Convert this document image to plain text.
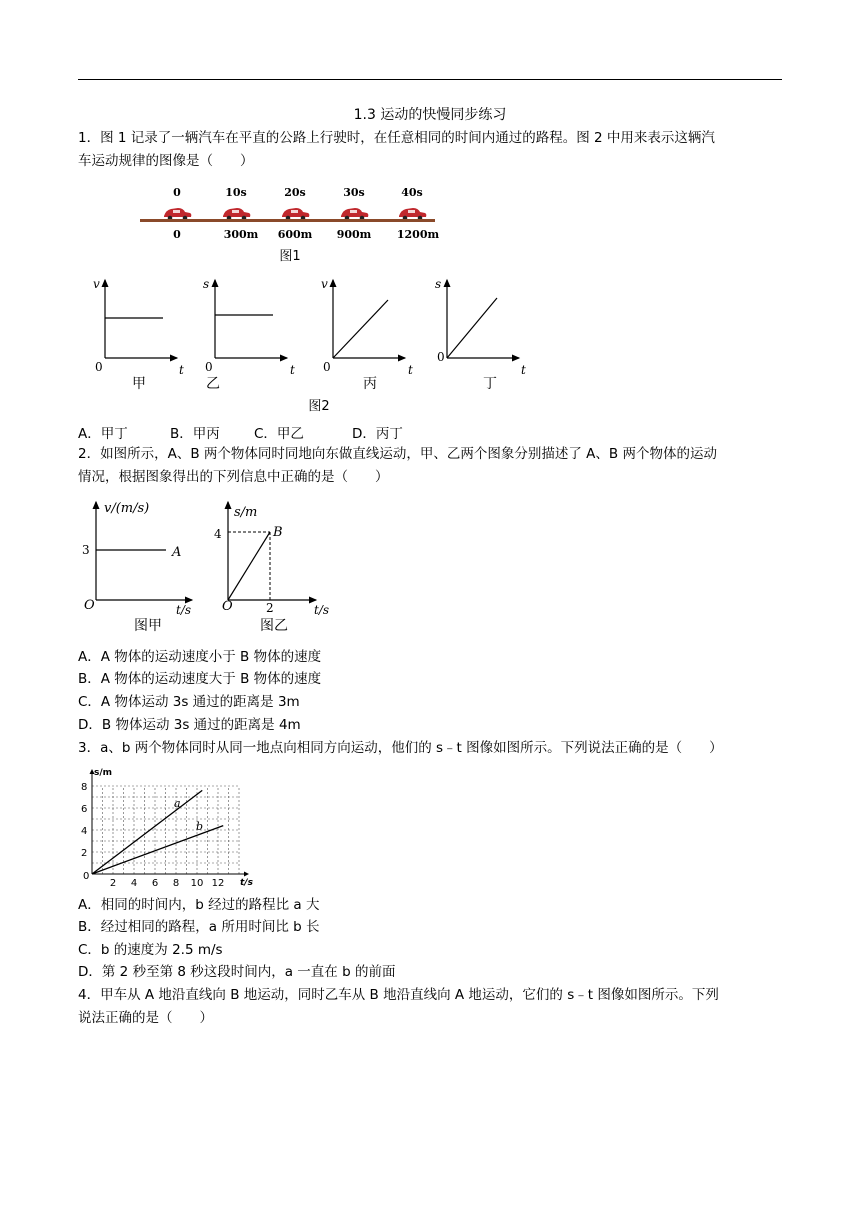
1.3 运动的快慢同步练习
1．图 1 记录了一辆汽车在平直的公路上行驶时，在任意相同的时间内通过的路程。图 2 中用来表示这辆汽
车运动规律的图像是（　　）
0	10s	20s	30s	40s
0	300m 600m 900m 1200m
图1
v
t
0
甲
s
t
0
乙
v
t
0
丙
s
t
0
丁
图2
A．甲丁	B．甲丙	C．甲乙	D．丙丁
2．如图所示，A、B 两个物体同时同地向东做直线运动，甲、乙两个图象分别描述了 A、B 两个物体的运动
情况，根据图象得出的下列信息中正确的是（　　）
v/(m/s)
3	A
O	t/s
图甲
s/m
4	B
O	2	t/s
图乙
A．A 物体的运动速度小于 B 物体的速度
B．A 物体的运动速度大于 B 物体的速度
C．A 物体运动 3s 通过的距离是 3m
D．B 物体运动 3s 通过的距离是 4m
3．a、b 两个物体同时从同一地点向相同方向运动，他们的 s﹣t 图像如图所示。下列说法正确的是（　　）
a
b
s/m
t/s
0
2
4
6
8
2 4 6 8 10 12
A．相同的时间内，b 经过的路程比 a 大
B．经过相同的路程，a 所用时间比 b 长
C．b 的速度为 2.5 m/s
D．第 2 秒至第 8 秒这段时间内，a 一直在 b 的前面
4．甲车从 A 地沿直线向 B 地运动，同时乙车从 B 地沿直线向 A 地运动，它们的 s﹣t 图像如图所示。下列
说法正确的是（　　）
